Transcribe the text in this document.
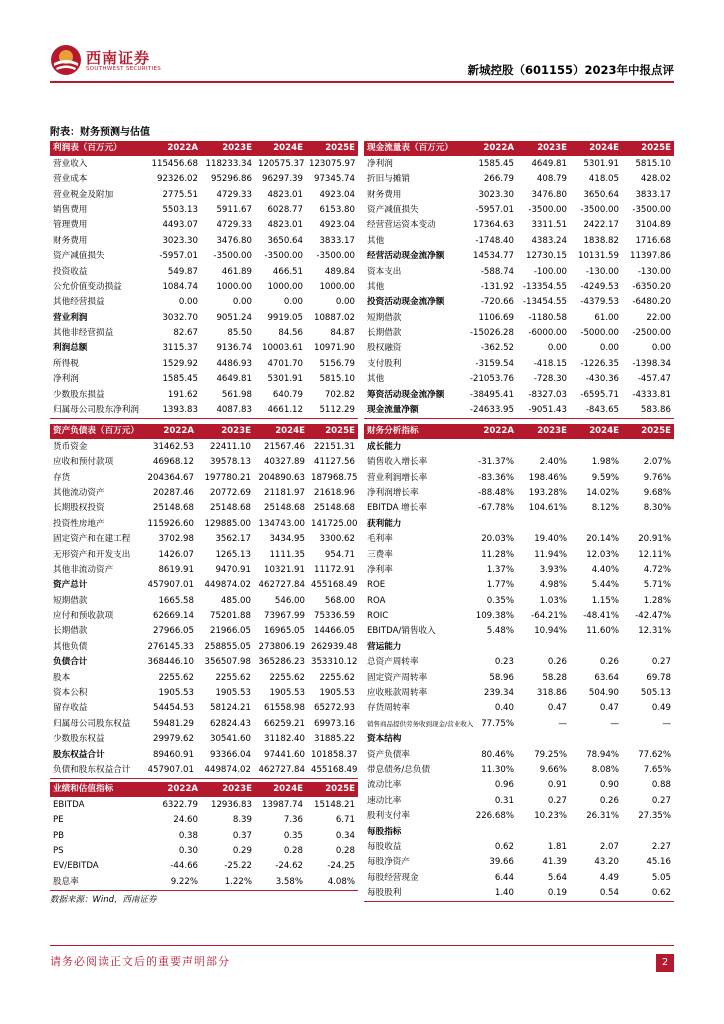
西南证券
SOUTHWEST SECURITIES	新城控股（601155）2023年中报点评
附表：财务预测与估值
利润表（百万元）	2022A	2023E	2024E	2025E
营业收入	115456.68	118233.34	120575.37	123075.97
营业成本	92326.02	95296.86	96297.39	97345.74
营业税金及附加	2775.51	4729.33	4823.01	4923.04
销售费用	5503.13	5911.67	6028.77	6153.80
管理费用	4493.07	4729.33	4823.01	4923.04
财务费用	3023.30	3476.80	3650.64	3833.17
资产减值损失	-5957.01	-3500.00	-3500.00	-3500.00
投资收益	549.87	461.89	466.51	489.84
公允价值变动损益	1084.74	1000.00	1000.00	1000.00
其他经营损益	0.00	0.00	0.00	0.00
营业利润	3032.70	9051.24	9919.05	10887.02
其他非经营损益	82.67	85.50	84.56	84.87
利润总额	3115.37	9136.74	10003.61	10971.90
所得税	1529.92	4486.93	4701.70	5156.79
净利润	1585.45	4649.81	5301.91	5815.10
少数股东损益	191.62	561.98	640.79	702.82
归属母公司股东净利润	1393.83	4087.83	4661.12	5112.29
现金流量表（百万元）	2022A	2023E	2024E	2025E
净利润	1585.45	4649.81	5301.91	5815.10
折旧与摊销	266.79	408.79	418.05	428.02
财务费用	3023.30	3476.80	3650.64	3833.17
资产减值损失	-5957.01	-3500.00	-3500.00	-3500.00
经营营运资本变动	17364.63	3311.51	2422.17	3104.89
其他	-1748.40	4383.24	1838.82	1716.68
经营活动现金流净额	14534.77	12730.15	10131.59	11397.86
资本支出	-588.74	-100.00	-130.00	-130.00
其他	-131.92	-13354.55	-4249.53	-6350.20
投资活动现金流净额	-720.66	-13454.55	-4379.53	-6480.20
短期借款	1106.69	-1180.58	61.00	22.00
长期借款	-15026.28	-6000.00	-5000.00	-2500.00
股权融资	-362.52	0.00	0.00	0.00
支付股利	-3159.54	-418.15	-1226.35	-1398.34
其他	-21053.76	-728.30	-430.36	-457.47
筹资活动现金流净额	-38495.41	-8327.03	-6595.71	-4333.81
现金流量净额	-24633.95	-9051.43	-843.65	583.86
资产负债表（百万元）	2022A	2023E	2024E	2025E
货币资金	31462.53	22411.10	21567.46	22151.31
应收和预付款项	46968.12	39578.13	40327.89	41127.56
存货	204364.67	197780.21	204890.63	187968.75
其他流动资产	20287.46	20772.69	21181.97	21618.96
长期股权投资	25148.68	25148.68	25148.68	25148.68
投资性房地产	115926.60	129885.00	134743.00	141725.00
固定资产和在建工程	3702.98	3562.17	3434.95	3300.62
无形资产和开发支出	1426.07	1265.13	1111.35	954.71
其他非流动资产	8619.91	9470.91	10321.91	11172.91
资产总计	457907.01	449874.02	462727.84	455168.49
短期借款	1665.58	485.00	546.00	568.00
应付和预收款项	62669.14	75201.88	73967.99	75336.59
长期借款	27966.05	21966.05	16965.05	14466.05
其他负债	276145.33	258855.05	273806.19	262939.48
负债合计	368446.10	356507.98	365286.23	353310.12
股本	2255.62	2255.62	2255.62	2255.62
资本公积	1905.53	1905.53	1905.53	1905.53
留存收益	54454.53	58124.21	61558.98	65272.93
归属母公司股东权益	59481.29	62824.43	66259.21	69973.16
少数股东权益	29979.62	30541.60	31182.40	31885.22
股东权益合计	89460.91	93366.04	97441.60	101858.37
负债和股东权益合计	457907.01	449874.02	462727.84	455168.49
财务分析指标	2022A	2023E	2024E	2025E
成长能力				
销售收入增长率	-31.37%	2.40%	1.98%	2.07%
营业利润增长率	-83.36%	198.46%	9.59%	9.76%
净利润增长率	-88.48%	193.28%	14.02%	9.68%
EBITDA 增长率	-67.78%	104.61%	8.12%	8.30%
获利能力				
毛利率	20.03%	19.40%	20.14%	20.91%
三费率	11.28%	11.94%	12.03%	12.11%
净利率	1.37%	3.93%	4.40%	4.72%
ROE	1.77%	4.98%	5.44%	5.71%
ROA	0.35%	1.03%	1.15%	1.28%
ROIC	109.38%	-64.21%	-48.41%	-42.47%
EBITDA/销售收入	5.48%	10.94%	11.60%	12.31%
营运能力				
总资产周转率	0.23	0.26	0.26	0.27
固定资产周转率	58.96	58.28	63.64	69.78
应收账款周转率	239.34	318.86	504.90	505.13
存货周转率	0.40	0.47	0.47	0.49
销售商品提供劳务收到现金/营业收入	77.75%	—	—	—
资本结构				
资产负债率	80.46%	79.25%	78.94%	77.62%
带息债务/总负债	11.30%	9.66%	8.08%	7.65%
流动比率	0.96	0.91	0.90	0.88
速动比率	0.31	0.27	0.26	0.27
股利支付率	226.68%	10.23%	26.31%	27.35%
每股指标				
每股收益	0.62	1.81	2.07	2.27
每股净资产	39.66	41.39	43.20	45.16
每股经营现金	6.44	5.64	4.49	5.05
每股股利	1.40	0.19	0.54	0.62
业绩和估值指标	2022A	2023E	2024E	2025E
EBITDA	6322.79	12936.83	13987.74	15148.21
PE	24.60	8.39	7.36	6.71
PB	0.38	0.37	0.35	0.34
PS	0.30	0.29	0.28	0.28
EV/EBITDA	-44.66	-25.22	-24.62	-24.25
股息率	9.22%	1.22%	3.58%	4.08%
数据来源：Wind，西南证券
请务必阅读正文后的重要声明部分	2
